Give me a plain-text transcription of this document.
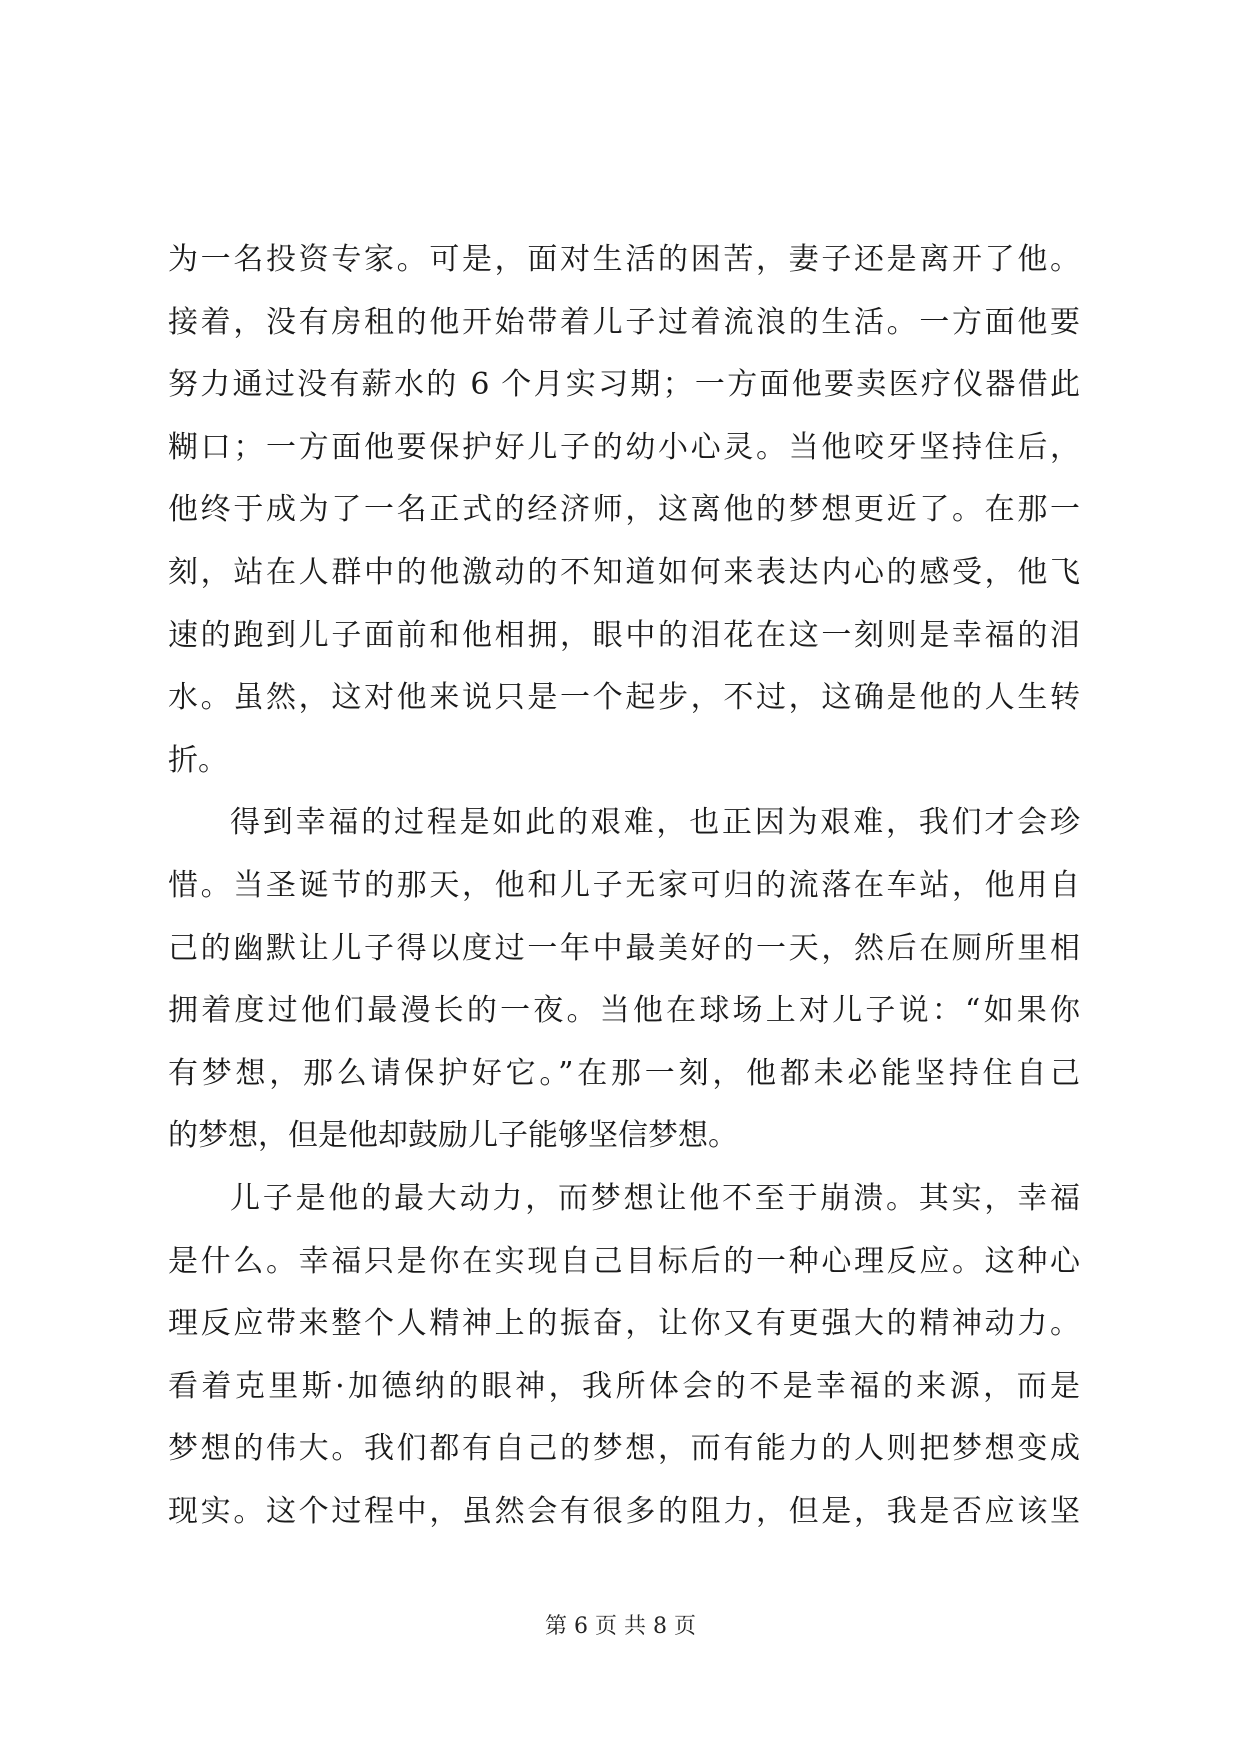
为一名投资专家。可是，面对生活的困苦，妻子还是离开了他。
接着，没有房租的他开始带着儿子过着流浪的生活。一方面他要
努力通过没有薪水的 6 个月实习期；一方面他要卖医疗仪器借此
糊口；一方面他要保护好儿子的幼小心灵。当他咬牙坚持住后，
他终于成为了一名正式的经济师，这离他的梦想更近了。在那一
刻，站在人群中的他激动的不知道如何来表达内心的感受，他飞
速的跑到儿子面前和他相拥，眼中的泪花在这一刻则是幸福的泪
水。虽然，这对他来说只是一个起步，不过，这确是他的人生转
折。
得到幸福的过程是如此的艰难，也正因为艰难，我们才会珍
惜。当圣诞节的那天，他和儿子无家可归的流落在车站，他用自
己的幽默让儿子得以度过一年中最美好的一天，然后在厕所里相
拥着度过他们最漫长的一夜。当他在球场上对儿子说：“如果你
有梦想，那么请保护好它。”在那一刻，他都未必能坚持住自己
的梦想，但是他却鼓励儿子能够坚信梦想。
儿子是他的最大动力，而梦想让他不至于崩溃。其实，幸福
是什么。幸福只是你在实现自己目标后的一种心理反应。这种心
理反应带来整个人精神上的振奋，让你又有更强大的精神动力。
看着克里斯·加德纳的眼神，我所体会的不是幸福的来源，而是
梦想的伟大。我们都有自己的梦想，而有能力的人则把梦想变成
现实。这个过程中，虽然会有很多的阻力，但是，我是否应该坚
第 6 页 共 8 页
